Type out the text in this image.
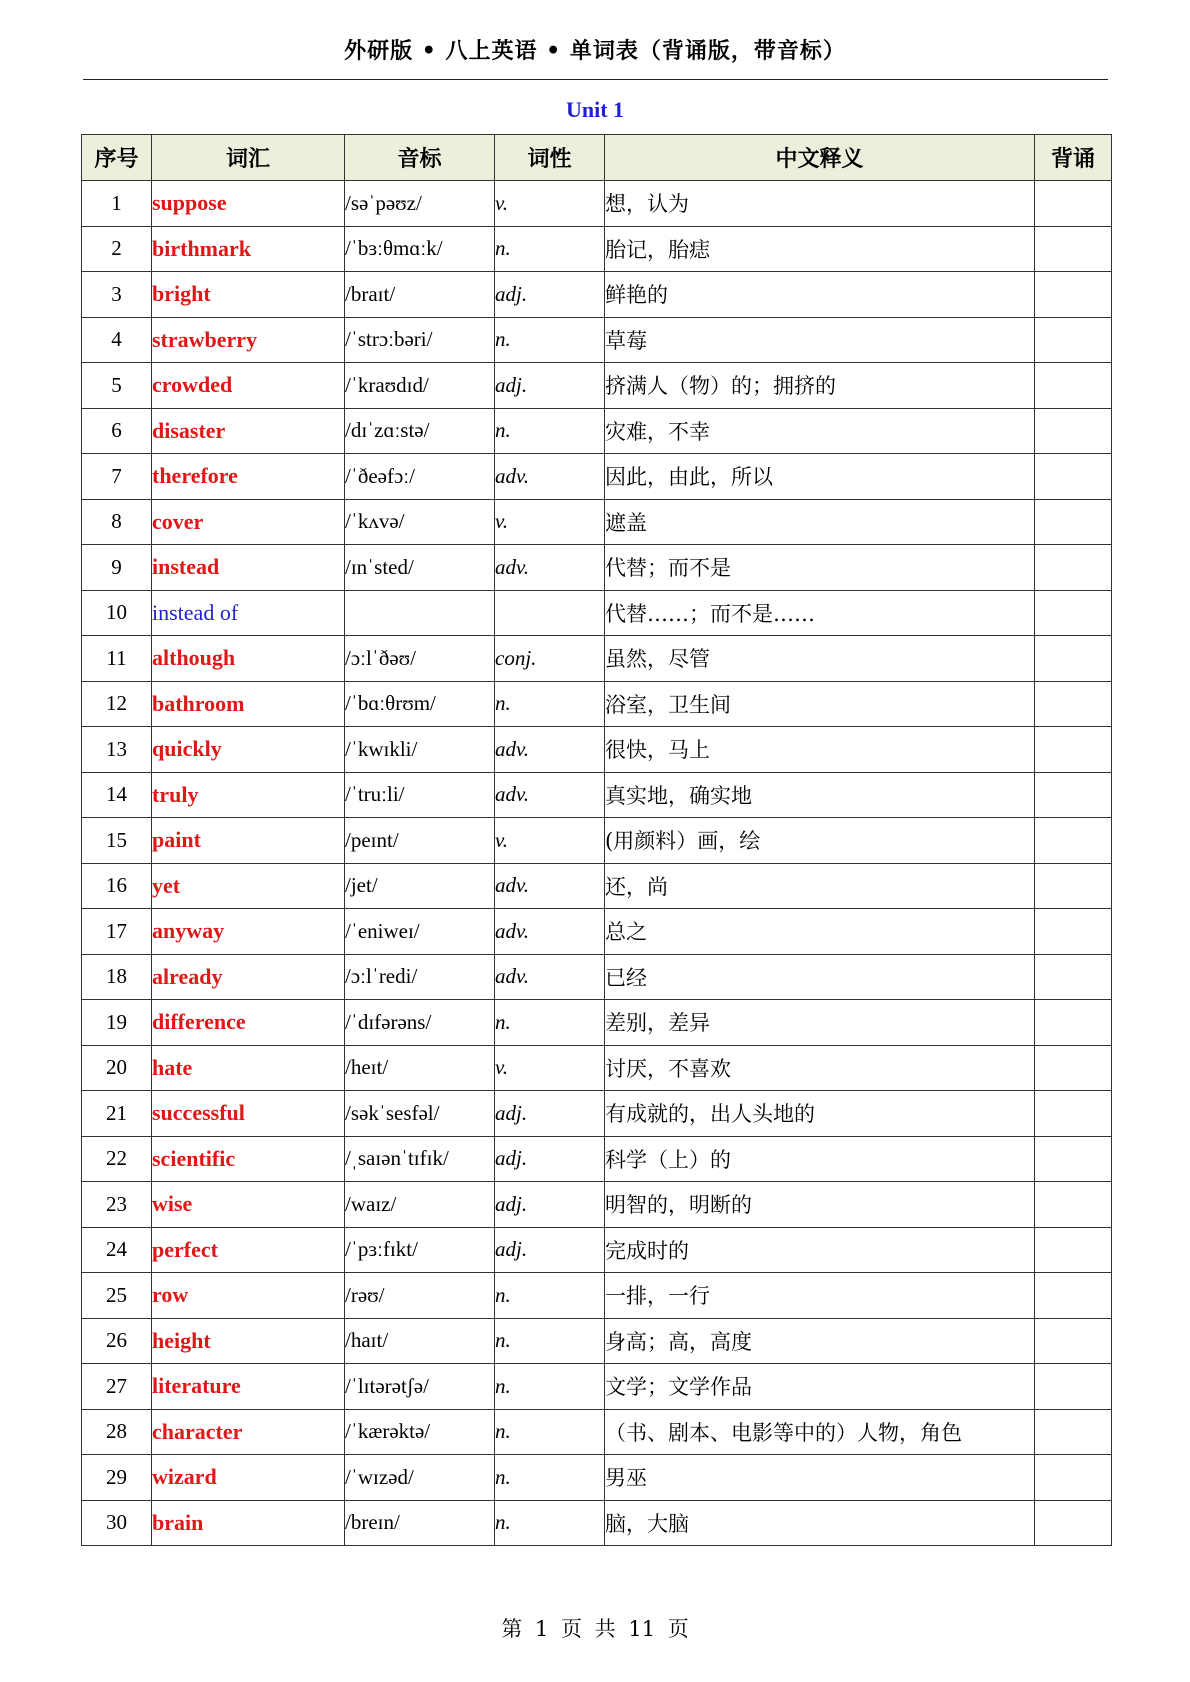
外研版 • 八上英语 • 单词表（背诵版，带音标）
Unit 1
序号	词汇	音标	词性	中文释义	背诵
1	suppose	/səˈpəʊz/	v.	想，认为	
2	birthmark	/ˈbɜːθmɑːk/	n.	胎记，胎痣	
3	bright	/braɪt/	adj.	鲜艳的	
4	strawberry	/ˈstrɔːbəri/	n.	草莓	
5	crowded	/ˈkraʊdɪd/	adj.	挤满人（物）的；拥挤的	
6	disaster	/dɪˈzɑːstə/	n.	灾难，不幸	
7	therefore	/ˈðeəfɔː/	adv.	因此，由此，所以	
8	cover	/ˈkʌvə/	v.	遮盖	
9	instead	/ɪnˈsted/	adv.	代替；而不是	
10	instead of			代替……；而不是……	
11	although	/ɔːlˈðəʊ/	conj.	虽然，尽管	
12	bathroom	/ˈbɑːθrʊm/	n.	浴室，卫生间	
13	quickly	/ˈkwɪkli/	adv.	很快，马上	
14	truly	/ˈtruːli/	adv.	真实地，确实地	
15	paint	/peɪnt/	v.	(用颜料）画，绘	
16	yet	/jet/	adv.	还，尚	
17	anyway	/ˈeniweɪ/	adv.	总之	
18	already	/ɔːlˈredi/	adv.	已经	
19	difference	/ˈdɪfərəns/	n.	差别，差异	
20	hate	/heɪt/	v.	讨厌，不喜欢	
21	successful	/səkˈsesfəl/	adj.	有成就的，出人头地的	
22	scientific	/ˌsaɪənˈtɪfɪk/	adj.	科学（上）的	
23	wise	/waɪz/	adj.	明智的，明断的	
24	perfect	/ˈpɜːfɪkt/	adj.	完成时的	
25	row	/rəʊ/	n.	一排，一行	
26	height	/haɪt/	n.	身高；高，高度	
27	literature	/ˈlɪtərətʃə/	n.	文学；文学作品	
28	character	/ˈkærəktə/	n.	（书、剧本、电影等中的）人物，角色	
29	wizard	/ˈwɪzəd/	n.	男巫	
30	brain	/breɪn/	n.	脑，大脑	
第 1 页 共 11 页
